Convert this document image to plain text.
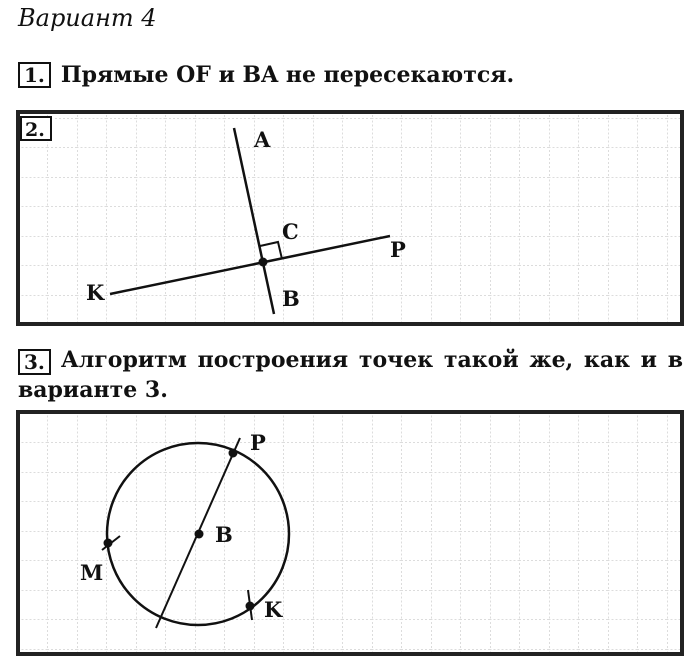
Вариант 4
1. Прямые OF и BA не пересекаются.
3. Алгоритм построения точек такой же, как и в варианте 3.
2.	A
B
C
P
K
P
B
M
K
